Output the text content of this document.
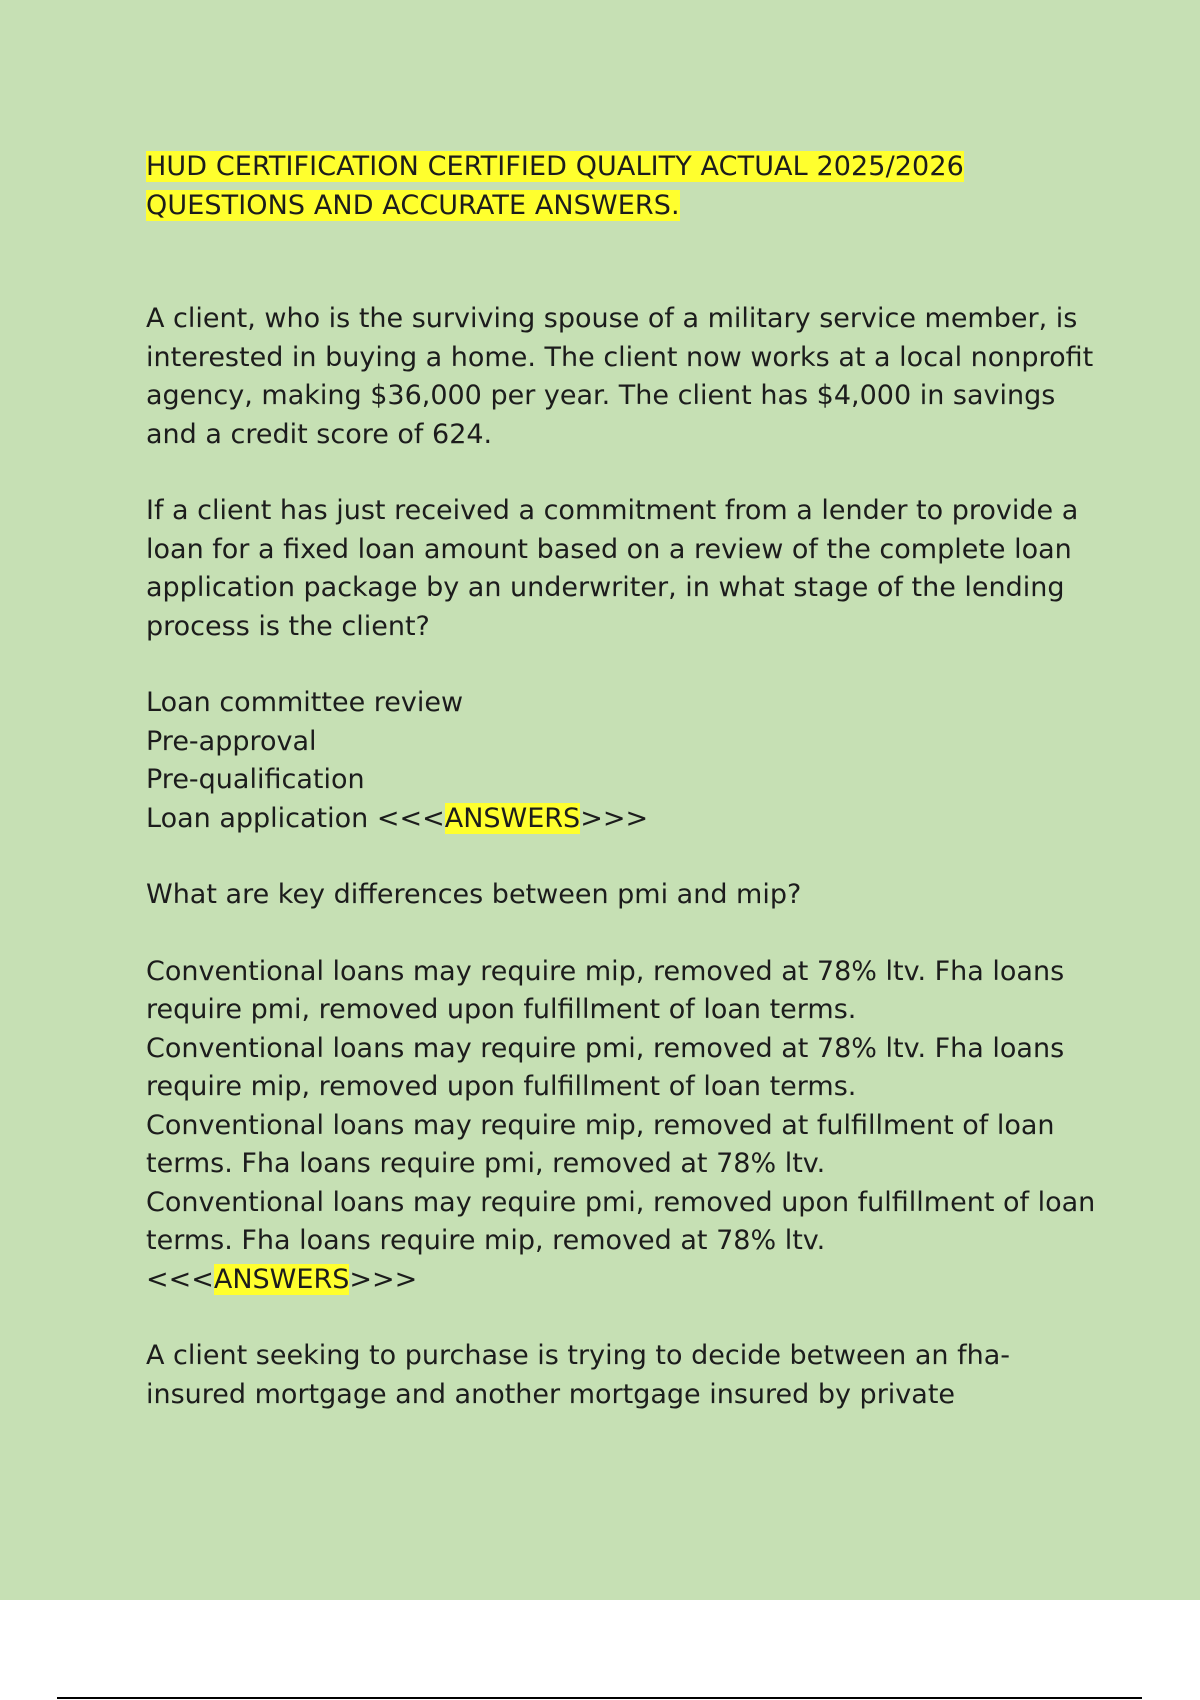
HUD CERTIFICATION CERTIFIED QUALITY ACTUAL 2025/2026
QUESTIONS AND ACCURATE ANSWERS.

A client, who is the surviving spouse of a military service member, is interested in buying a home. The client now works at a local nonprofit agency, making $36,000 per year. The client has $4,000 in savings and a credit score of 624.

If a client has just received a commitment from a lender to provide a loan for a fixed loan amount based on a review of the complete loan application package by an underwriter, in what stage of the lending process is the client?

Loan committee review
Pre-approval
Pre-qualification
Loan application <<<ANSWERS>>>

What are key differences between pmi and mip?

Conventional loans may require mip, removed at 78% ltv. Fha loans require pmi, removed upon fulfillment of loan terms.
Conventional loans may require pmi, removed at 78% ltv. Fha loans require mip, removed upon fulfillment of loan terms.
Conventional loans may require mip, removed at fulfillment of loan terms. Fha loans require pmi, removed at 78% ltv.
Conventional loans may require pmi, removed upon fulfillment of loan terms. Fha loans require mip, removed at 78% ltv.
<<<ANSWERS>>>

A client seeking to purchase is trying to decide between an fha-insured mortgage and another mortgage insured by private
